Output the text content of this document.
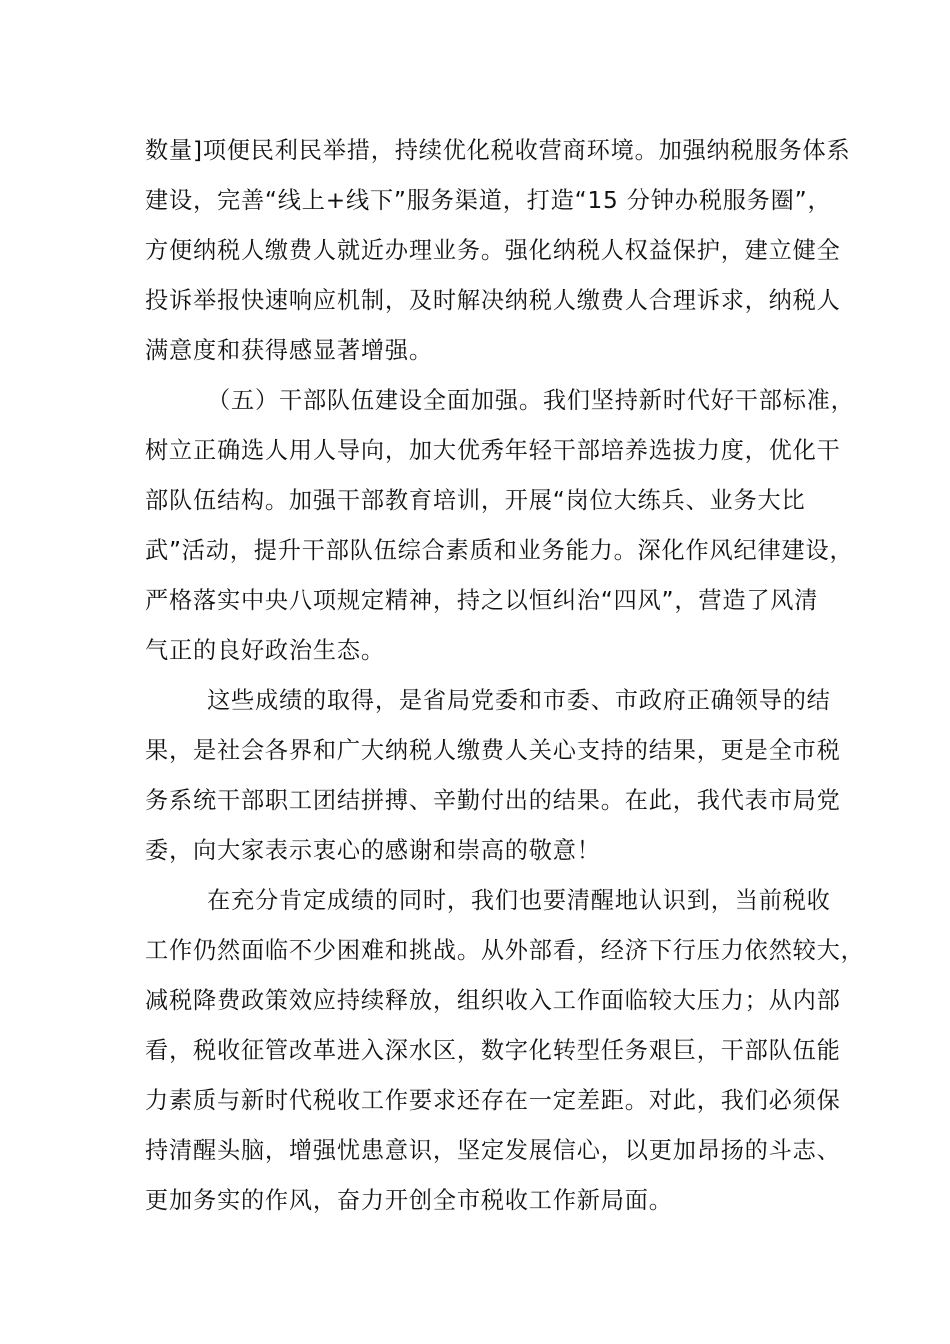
数量]项便民利民举措，持续优化税收营商环境。加强纳税服务体系
建设，完善“线上+线下”服务渠道，打造“15 分钟办税服务圈”，
方便纳税人缴费人就近办理业务。强化纳税人权益保护，建立健全
投诉举报快速响应机制，及时解决纳税人缴费人合理诉求，纳税人
满意度和获得感显著增强。
（五）干部队伍建设全面加强。我们坚持新时代好干部标准，
树立正确选人用人导向，加大优秀年轻干部培养选拔力度，优化干
部队伍结构。加强干部教育培训，开展“岗位大练兵、业务大比
武”活动，提升干部队伍综合素质和业务能力。深化作风纪律建设，
严格落实中央八项规定精神，持之以恒纠治“四风”，营造了风清
气正的良好政治生态。
这些成绩的取得，是省局党委和市委、市政府正确领导的结
果，是社会各界和广大纳税人缴费人关心支持的结果，更是全市税
务系统干部职工团结拼搏、辛勤付出的结果。在此，我代表市局党
委，向大家表示衷心的感谢和崇高的敬意！
在充分肯定成绩的同时，我们也要清醒地认识到，当前税收
工作仍然面临不少困难和挑战。从外部看，经济下行压力依然较大，
减税降费政策效应持续释放，组织收入工作面临较大压力；从内部
看，税收征管改革进入深水区，数字化转型任务艰巨，干部队伍能
力素质与新时代税收工作要求还存在一定差距。对此，我们必须保
持清醒头脑，增强忧患意识，坚定发展信心，以更加昂扬的斗志、
更加务实的作风，奋力开创全市税收工作新局面。
